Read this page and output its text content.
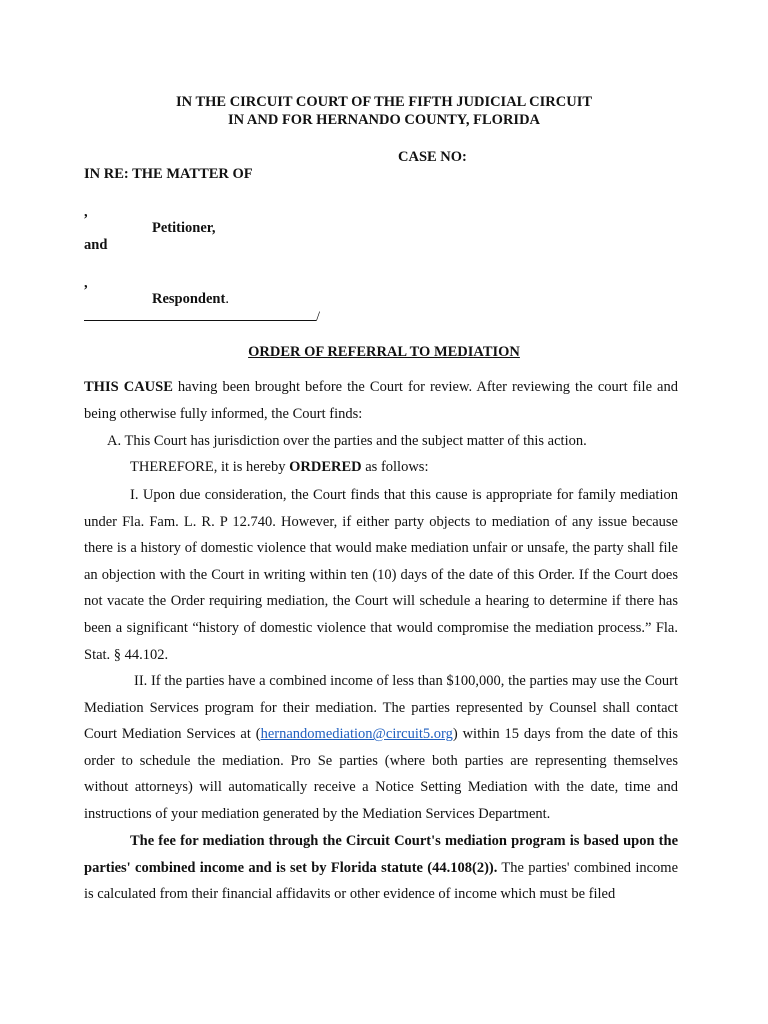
IN THE CIRCUIT COURT OF THE FIFTH JUDICIAL CIRCUIT
IN AND FOR HERNANDO COUNTY, FLORIDA
CASE NO:
IN RE: THE MATTER OF
,
Petitioner,
and
,
Respondent.
/
ORDER OF REFERRAL TO MEDIATION

THIS CAUSE having been brought before the Court for review. After reviewing the court file and being otherwise fully informed, the Court finds:

A. This Court has jurisdiction over the parties and the subject matter of this action.
THEREFORE, it is hereby ORDERED as follows:

I. Upon due consideration, the Court finds that this cause is appropriate for family mediation under Fla. Fam. L. R. P 12.740. However, if either party objects to mediation of any issue because there is a history of domestic violence that would make mediation unfair or unsafe, the party shall file an objection with the Court in writing within ten (10) days of the date of this Order. If the Court does not vacate the Order requiring mediation, the Court will schedule a hearing to determine if there has been a significant “history of domestic violence that would compromise the mediation process.” Fla. Stat. § 44.102.

II. If the parties have a combined income of less than $100,000, the parties may use the Court Mediation Services program for their mediation. The parties represented by Counsel shall contact Court Mediation Services at (hernandomediation@circuit5.org) within 15 days from the date of this order to schedule the mediation. Pro Se parties (where both parties are representing themselves without attorneys) will automatically receive a Notice Setting Mediation with the date, time and instructions of your mediation generated by the Mediation Services Department.

The fee for mediation through the Circuit Court's mediation program is based upon the parties' combined income and is set by Florida statute (44.108(2)). The parties' combined income is calculated from their financial affidavits or other evidence of income which must be filed
